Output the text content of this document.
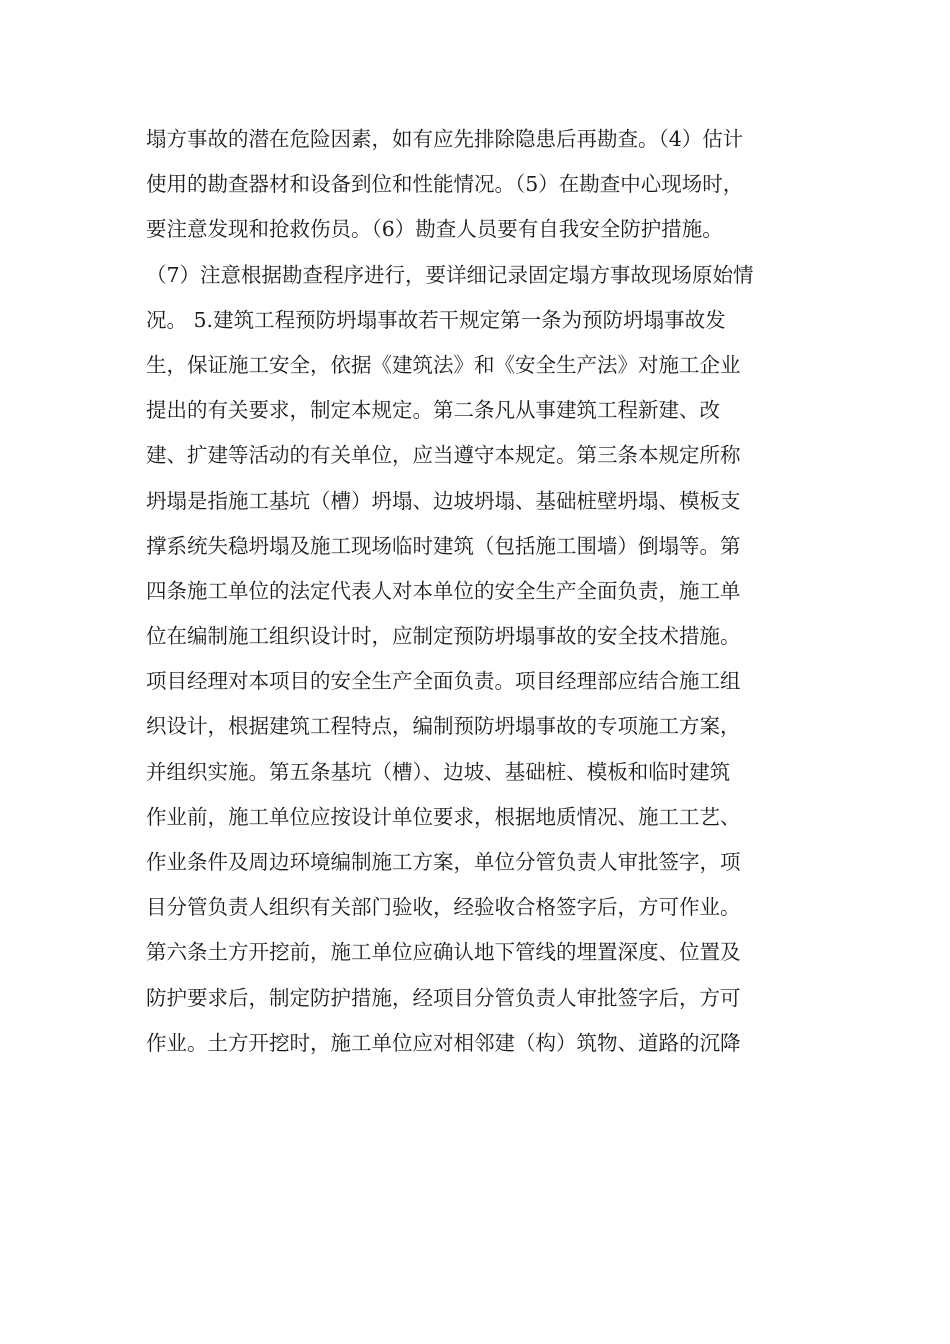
塌方事故的潜在危险因素，如有应先排除隐患后再勘查。（4）估计
使用的勘查器材和设备到位和性能情况。（5）在勘查中心现场时，
要注意发现和抢救伤员。（6）勘查人员要有自我安全防护措施。
（7）注意根据勘查程序进行，要详细记录固定塌方事故现场原始情
况。 5.建筑工程预防坍塌事故若干规定第一条为预防坍塌事故发
生，保证施工安全，依据《建筑法》和《安全生产法》对施工企业
提出的有关要求，制定本规定。第二条凡从事建筑工程新建、改
建、扩建等活动的有关单位，应当遵守本规定。第三条本规定所称
坍塌是指施工基坑（槽）坍塌、边坡坍塌、基础桩壁坍塌、模板支
撑系统失稳坍塌及施工现场临时建筑（包括施工围墙）倒塌等。第
四条施工单位的法定代表人对本单位的安全生产全面负责，施工单
位在编制施工组织设计时，应制定预防坍塌事故的安全技术措施。
项目经理对本项目的安全生产全面负责。项目经理部应结合施工组
织设计，根据建筑工程特点，编制预防坍塌事故的专项施工方案，
并组织实施。第五条基坑（槽）、边坡、基础桩、模板和临时建筑
作业前，施工单位应按设计单位要求，根据地质情况、施工工艺、
作业条件及周边环境编制施工方案，单位分管负责人审批签字，项
目分管负责人组织有关部门验收，经验收合格签字后，方可作业。
第六条土方开挖前，施工单位应确认地下管线的埋置深度、位置及
防护要求后，制定防护措施，经项目分管负责人审批签字后，方可
作业。土方开挖时，施工单位应对相邻建（构）筑物、道路的沉降
